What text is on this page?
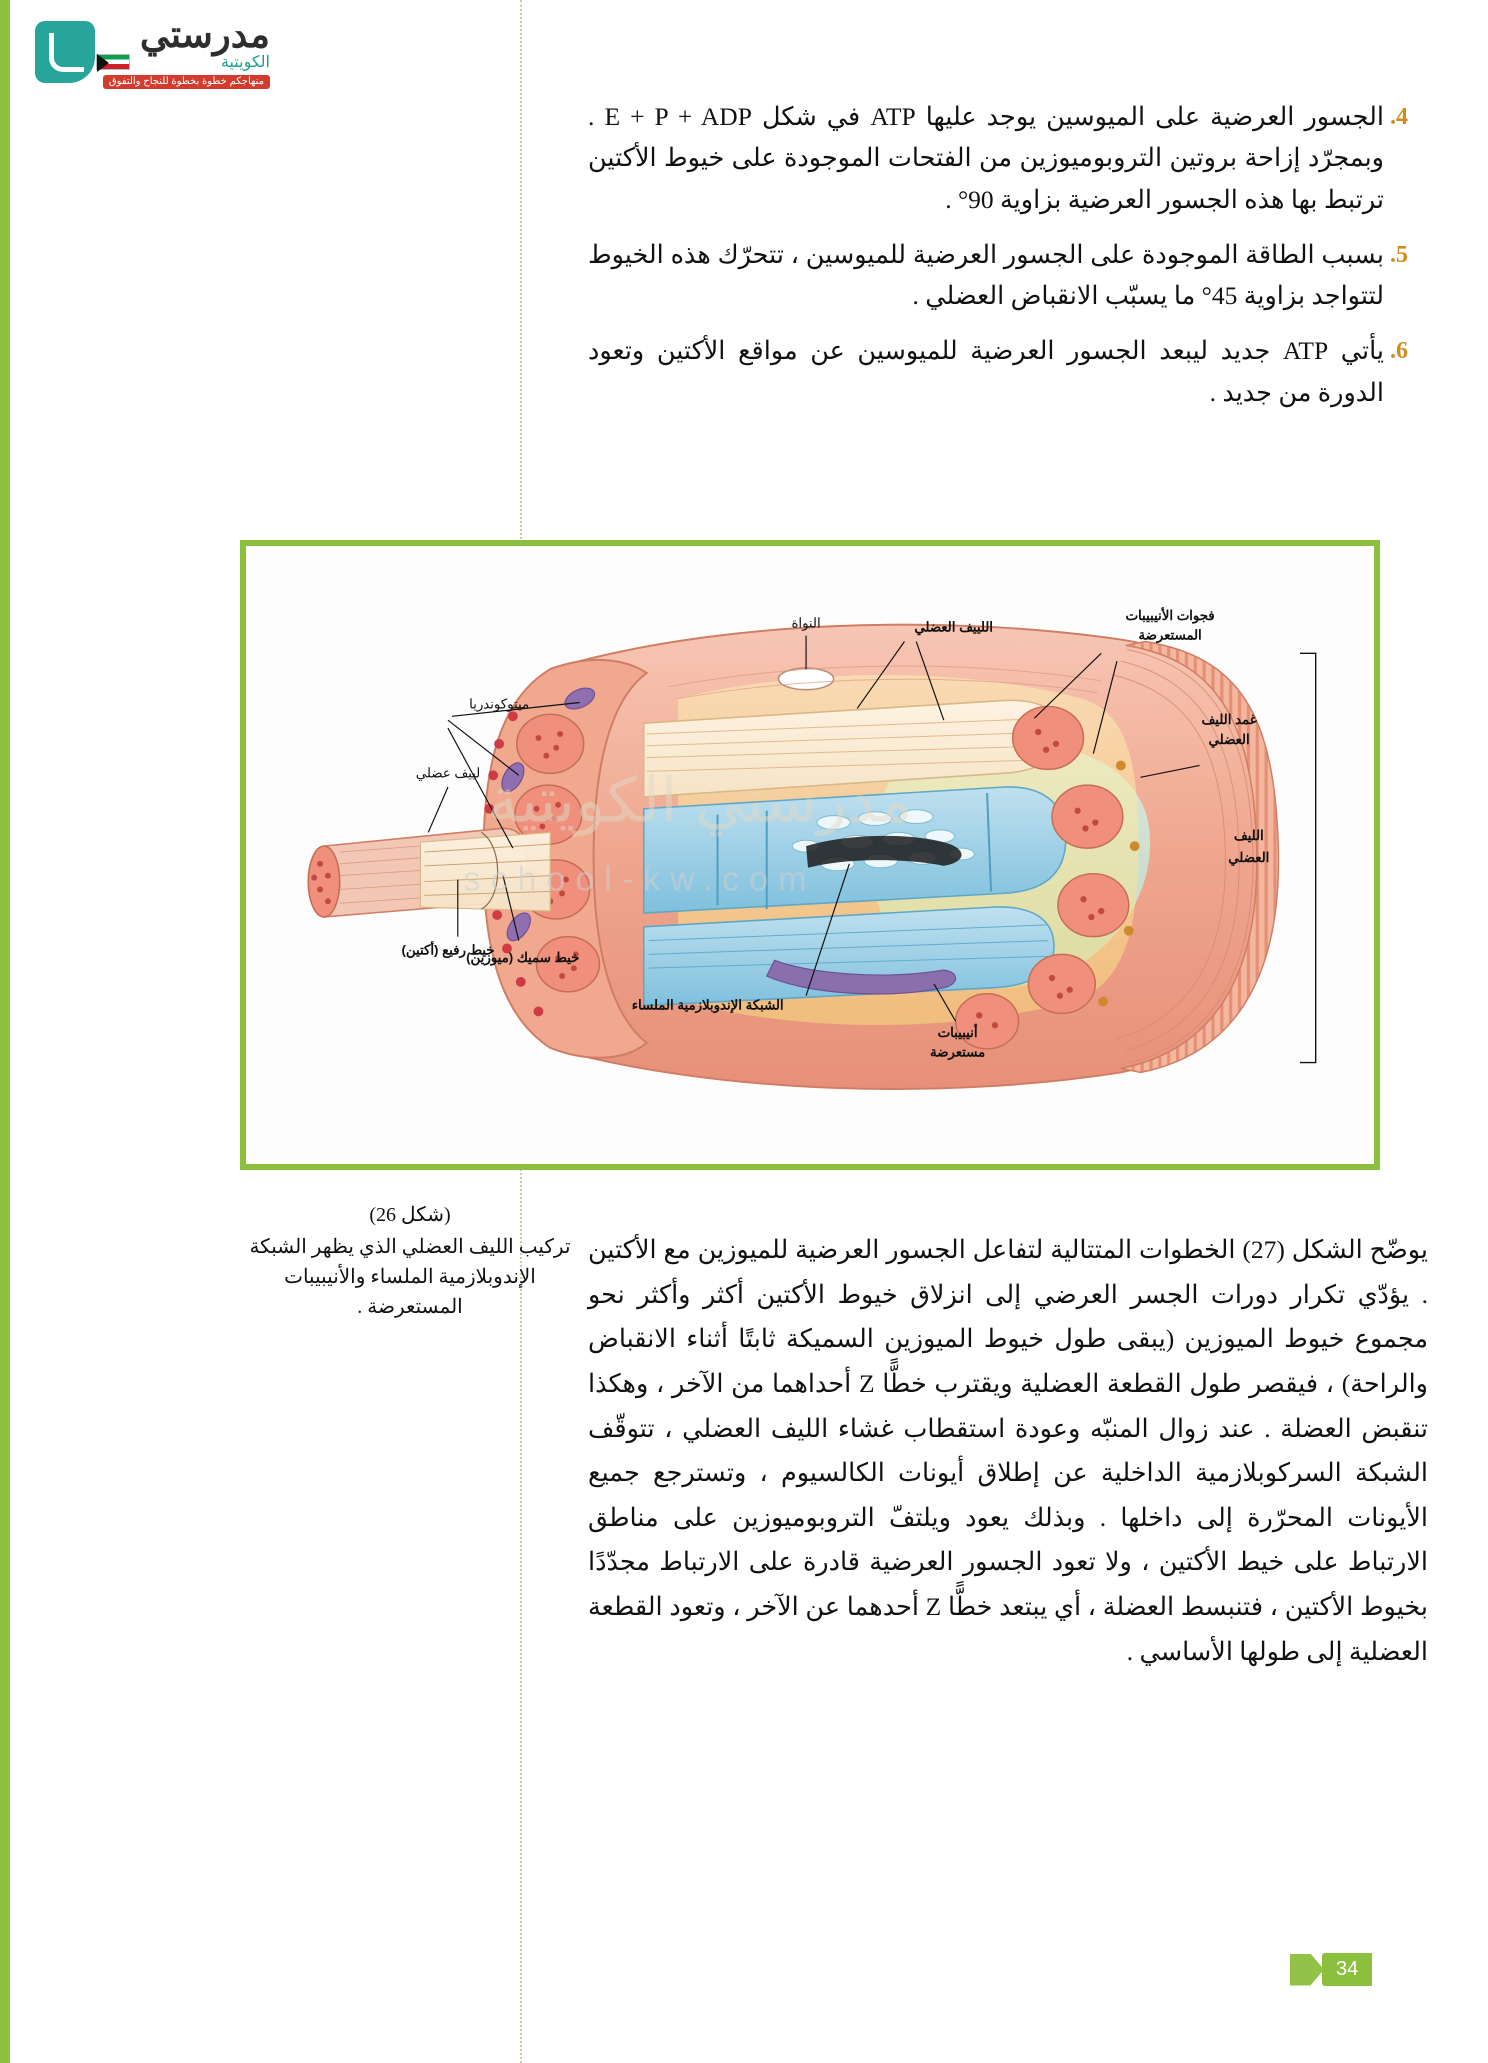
مدرستي
الكويتية
منهاجكم خطوة بخطوة للنجاح والتفوق
4.
الجسور العرضية على الميوسين يوجد عليها ATP في شكل E + P + ADP . وبمجرّد إزاحة بروتين التروبوميوزين من الفتحات الموجودة على خيوط الأكتين ترتبط بها هذه الجسور العرضية بزاوية 90° .
5.
بسبب الطاقة الموجودة على الجسور العرضية للميوسين ، تتحرّك هذه الخيوط لتتواجد بزاوية 45° ما يسبّب الانقباض العضلي .
6.
يأتي ATP جديد ليبعد الجسور العرضية للميوسين عن مواقع الأكتين وتعود الدورة من جديد .
النواة	اللييف العضلي
فجوات الأنيبيبات
المستعرضة
غمد الليف
العضلي
الليف
العضلي
ميتوكوندريا
لييف عضلي
خيط رفيع (أكتين)
خيط سميك (ميوزين)
الشبكة الإندوبلازمية الملساء
أنيبيبات
مستعرضة
(شكل 26)
تركيب الليف العضلي الذي يظهر الشبكة الإندوبلازمية الملساء والأنيبيبات المستعرضة .
يوضّح الشكل (27) الخطوات المتتالية لتفاعل الجسور العرضية للميوزين مع الأكتين . يؤدّي تكرار دورات الجسر العرضي إلى انزلاق خيوط الأكتين أكثر وأكثر نحو مجموع خيوط الميوزين (يبقى طول خيوط الميوزين السميكة ثابتًا أثناء الانقباض والراحة) ، فيقصر طول القطعة العضلية ويقترب خطًّا Z أحداهما من الآخر ، وهكذا تنقبض العضلة . عند زوال المنبّه وعودة استقطاب غشاء الليف العضلي ، تتوقّف الشبكة السركوبلازمية الداخلية عن إطلاق أيونات الكالسيوم ، وتسترجع جميع الأيونات المحرّرة إلى داخلها . وبذلك يعود ويلتفّ التروبوميوزين على مناطق الارتباط على خيط الأكتين ، ولا تعود الجسور العرضية قادرة على الارتباط مجدّدًا بخيوط الأكتين ، فتنبسط العضلة ، أي يبتعد خطًّا Z أحدهما عن الآخر ، وتعود القطعة العضلية إلى طولها الأساسي .
مدرستي الكويتية
school-kw.com
34
